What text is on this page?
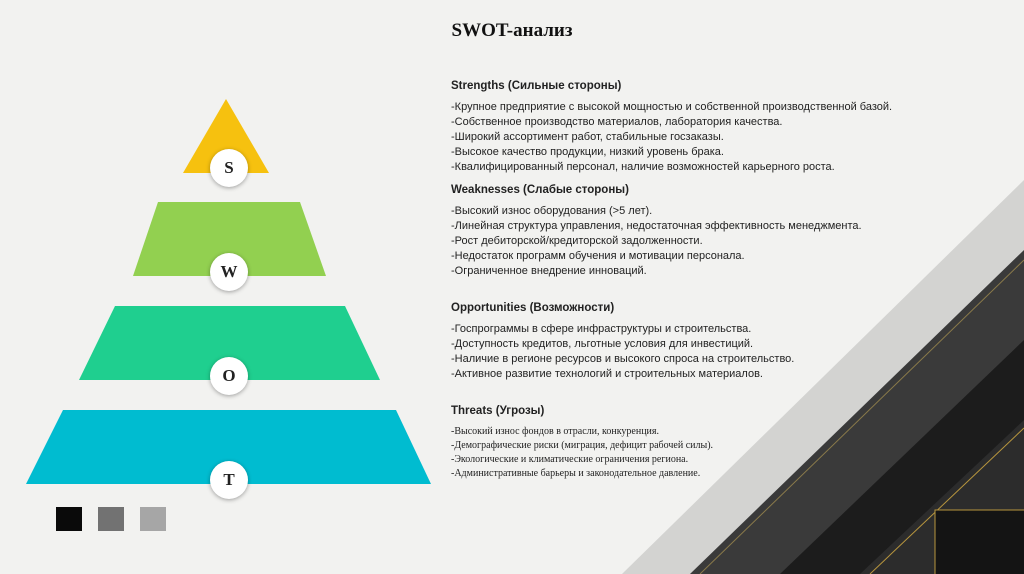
SWOT-анализ
S
W
O
T
Strengths (Сильные стороны)
-Крупное предприятие с высокой мощностью и собственной производственной базой.
-Собственное производство материалов, лаборатория качества.
-Широкий ассортимент работ, стабильные госзаказы.
-Высокое качество продукции, низкий уровень брака.
-Квалифицированный персонал, наличие возможностей карьерного роста.
Weaknesses (Слабые стороны)
-Высокий износ оборудования (>5 лет).
-Линейная структура управления, недостаточная эффективность менеджмента.
-Рост дебиторской/кредиторской задолженности.
-Недостаток программ обучения и мотивации персонала.
-Ограниченное внедрение инноваций.
Opportunities (Возможности)
-Госпрограммы в сфере инфраструктуры и строительства.
-Доступность кредитов, льготные условия для инвестиций.
-Наличие в регионе ресурсов и высокого спроса на строительство.
-Активное развитие технологий и строительных материалов.
Threats (Угрозы)
-Высокий износ фондов в отрасли, конкуренция.
-Демографические риски (миграция, дефицит рабочей силы).
-Экологические и климатические ограничения региона.
-Административные барьеры и законодательное давление.
